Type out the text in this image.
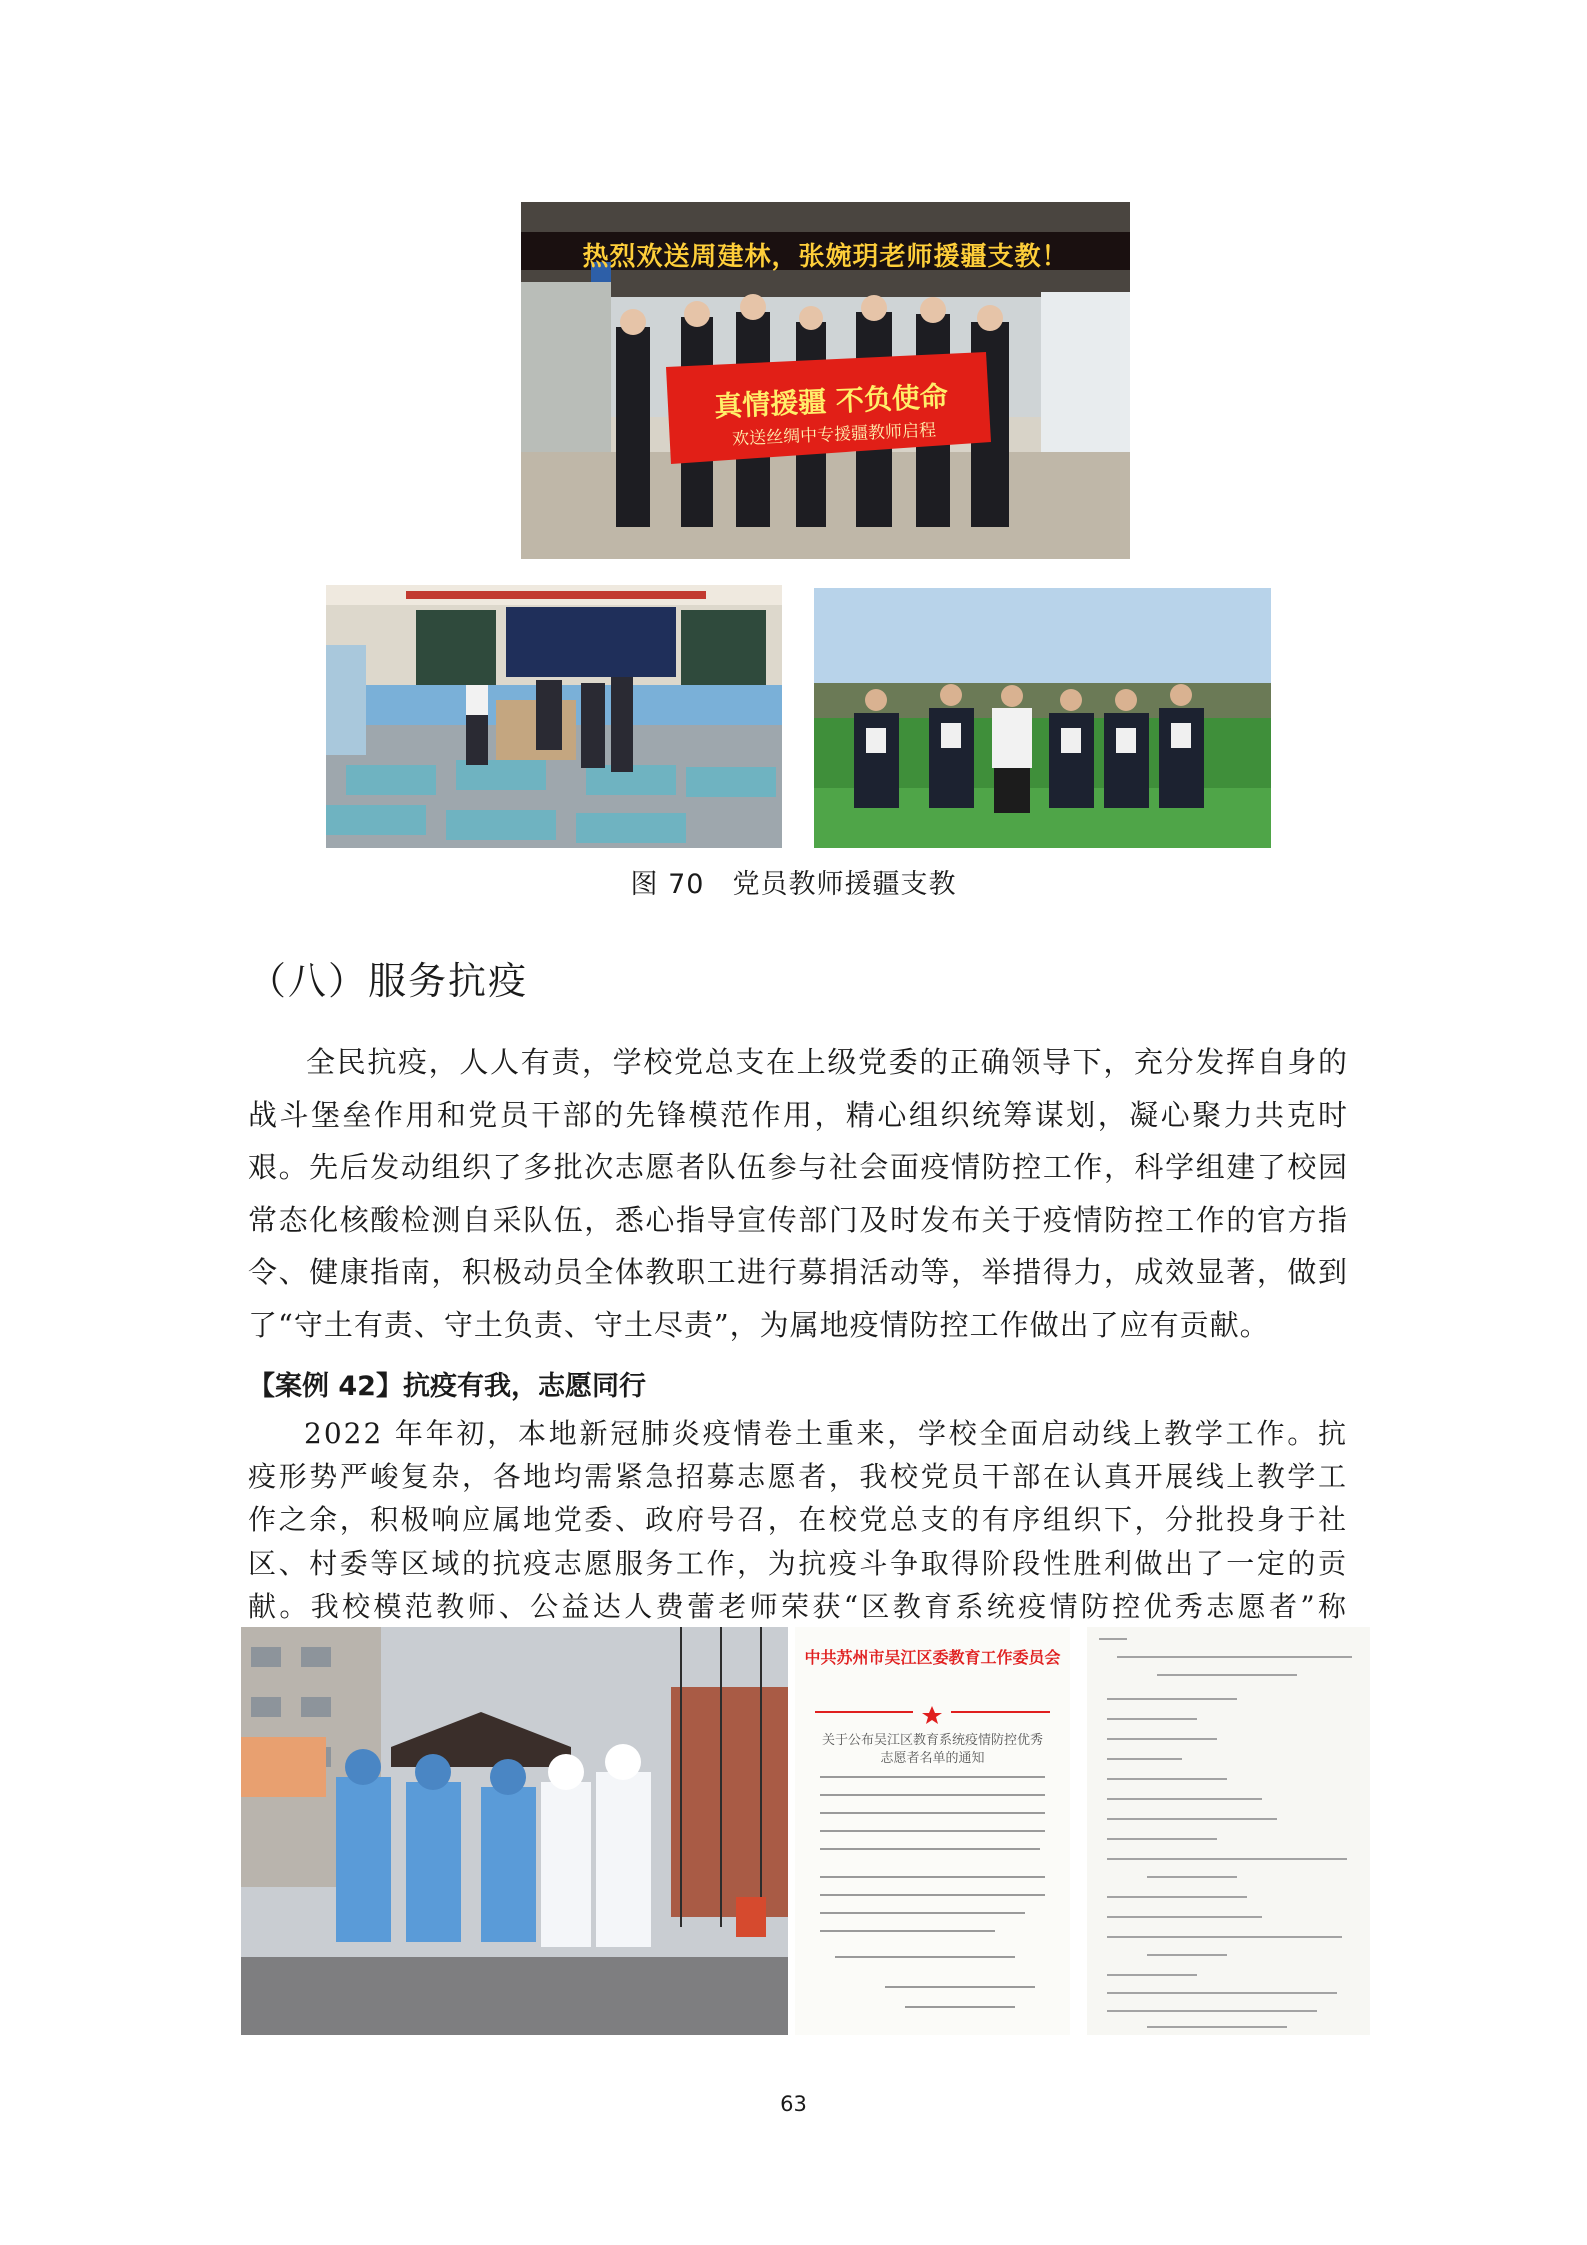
热烈欢送周建林，张婉玥老师援疆支教！
真情援疆 不负使命
欢送丝绸中专援疆教师启程
图 70　党员教师援疆支教
（八）服务抗疫
全民抗疫，人人有责，学校党总支在上级党委的正确领导下，充分发挥自身的战斗堡垒作用和党员干部的先锋模范作用，精心组织统筹谋划，凝心聚力共克时艰。先后发动组织了多批次志愿者队伍参与社会面疫情防控工作，科学组建了校园常态化核酸检测自采队伍，悉心指导宣传部门及时发布关于疫情防控工作的官方指令、健康指南，积极动员全体教职工进行募捐活动等，举措得力，成效显著，做到了“守土有责、守土负责、守土尽责”，为属地疫情防控工作做出了应有贡献。
【案例 42】抗疫有我，志愿同行
2022 年年初，本地新冠肺炎疫情卷土重来，学校全面启动线上教学工作。抗疫形势严峻复杂，各地均需紧急招募志愿者，我校党员干部在认真开展线上教学工作之余，积极响应属地党委、政府号召，在校党总支的有序组织下，分批投身于社区、村委等区域的抗疫志愿服务工作，为抗疫斗争取得阶段性胜利做出了一定的贡献。我校模范教师、公益达人费蕾老师荣获“区教育系统疫情防控优秀志愿者”称
中共苏州市吴江区委教育工作委员会
关于公布吴江区教育系统疫情防控优秀
志愿者名单的通知
63
